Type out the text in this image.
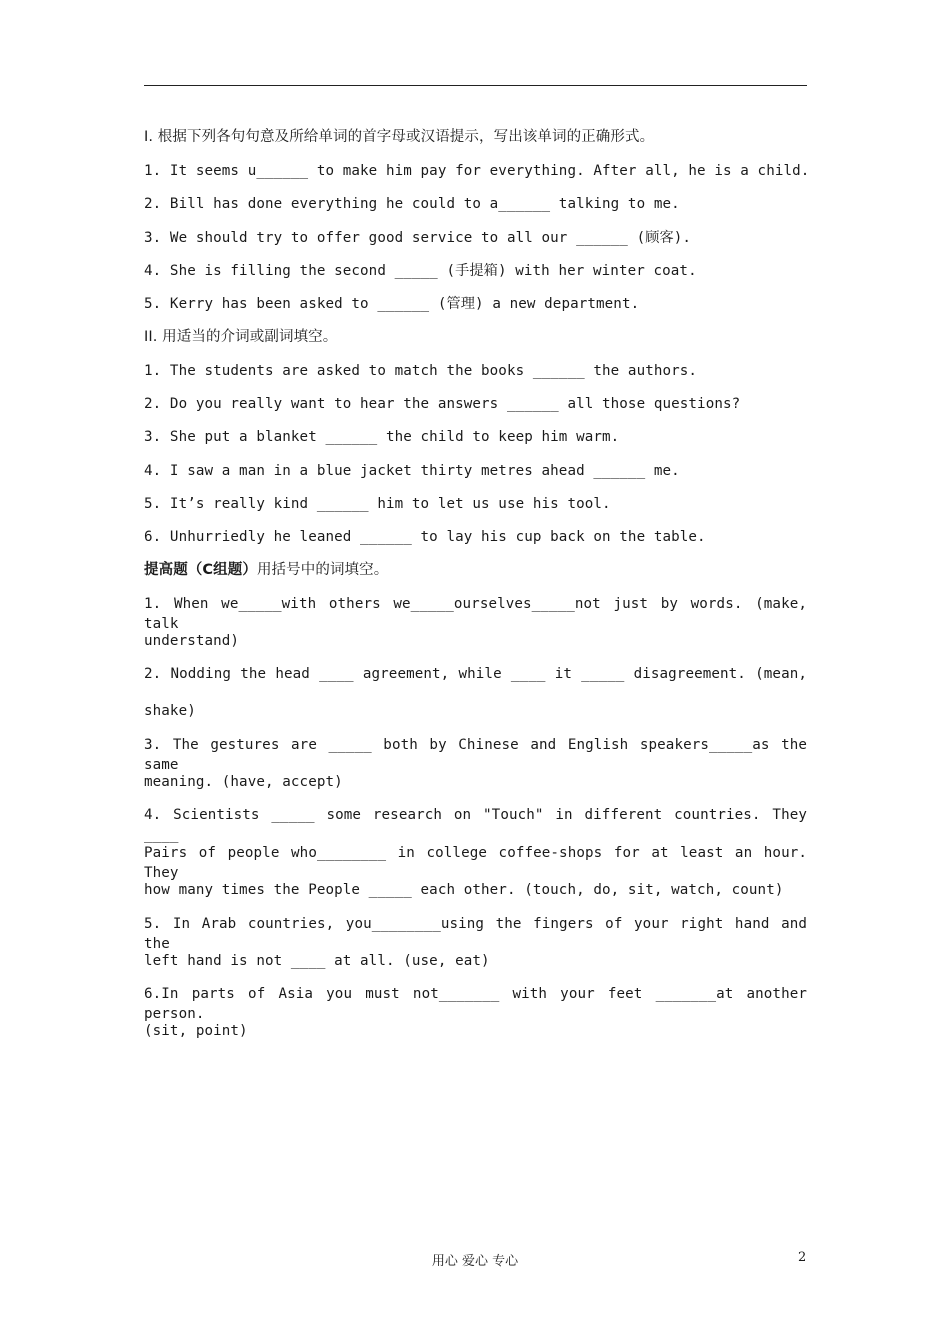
I. 根据下列各句句意及所给单词的首字母或汉语提示，写出该单词的正确形式。
1. It seems u______ to make him pay for everything. After all, he is a child.
2. Bill has done everything he could to a______ talking to me.
3. We should try to offer good service to all our ______ (顾客).
4. She is filling the second _____ (手提箱) with her winter coat.
5. Kerry has been asked to ______ (管理) a new department.
II. 用适当的介词或副词填空。
1. The students are asked to match the books ______ the authors.
2. Do you really want to hear the answers ______ all those questions?
3. She put a blanket ______ the child to keep him warm.
4. I saw a man in a blue jacket thirty metres ahead ______ me.
5. It’s really kind ______ him to let us use his tool.
6. Unhurriedly he leaned ______ to lay his cup back on the table.
提高题（C组题）用括号中的词填空。
1. When we_____with others we_____ourselves_____not just by words. (make, talk
understand)
2. Nodding the head ____ agreement, while ____ it _____ disagreement. (mean,
shake)
3. The gestures are _____ both by Chinese and English speakers_____as the same
meaning. (have, accept)
4. Scientists _____ some research on "Touch" in different countries. They ____
Pairs of people who________ in college coffee-shops for at least an hour. They
how many times the People _____ each other. (touch, do, sit, watch, count)
5. In Arab countries, you________using the fingers of your right hand and the
left hand is not ____ at all. (use, eat)
6.In parts of Asia you must not_______ with your feet _______at another person.
(sit, point)
用心 爱心 专心	2
